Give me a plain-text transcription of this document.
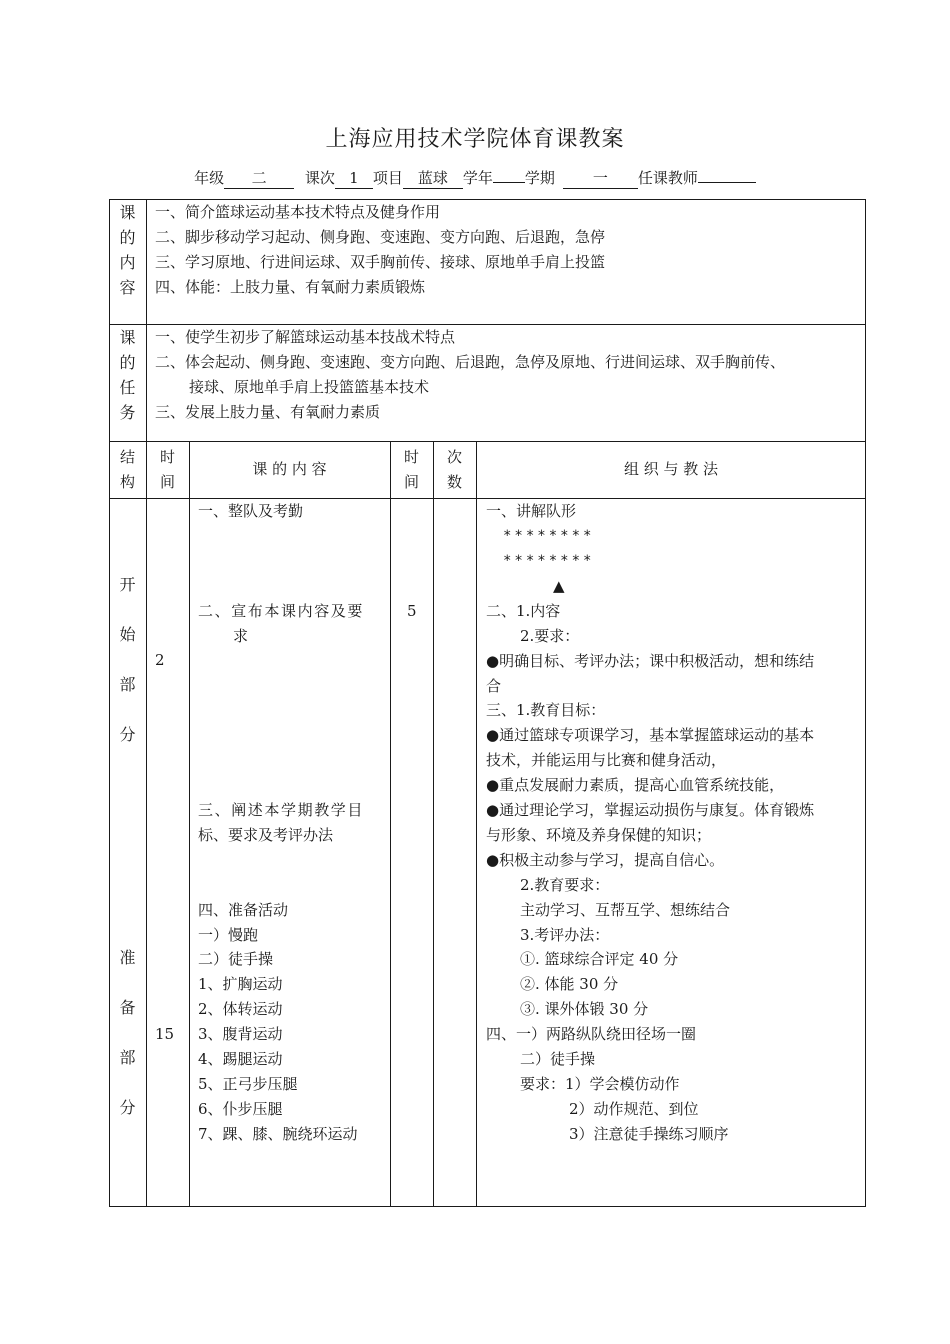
上海应用技术学院体育课教案
年级 二	课次 1 项目 蓝球 学年 学期	一 任课教师
课
的
内
容
一、简介篮球运动基本技术特点及健身作用
二、脚步移动学习起动、侧身跑、变速跑、变方向跑、后退跑，急停
三、学习原地、行进间运球、双手胸前传、接球、原地单手肩上投篮
四、体能：上肢力量、有氧耐力素质锻炼
课
的
任
务
一、使学生初步了解篮球运动基本技战术特点
二、体会起动、侧身跑、变速跑、变方向跑、后退跑，急停及原地、行进间运球、双手胸前传、
接球、原地单手肩上投篮篮基本技术
三、发展上肢力量、有氧耐力素质
结
构
时
间
课 的 内 容
时
间
次
数
组 织 与 教 法
开
始
部
分
准
备
部
分
2
15
一、整队及考勤
二、宣布本课内容及要
求
三、阐述本学期教学目
标、要求及考评办法
四、准备活动
一）慢跑
二）徒手操
1、扩胸运动
2、体转运动
3、腹背运动
4、踢腿运动
5、正弓步压腿
6、仆步压腿
7、踝、膝、腕绕环运动
5
一、讲解队形
********
********
▲
二、1.内容
2.要求：
●明确目标、考评办法；课中积极活动，想和练结
合
三、1.教育目标：
●通过篮球专项课学习，基本掌握篮球运动的基本
技术，并能运用与比赛和健身活动，
●重点发展耐力素质，提高心血管系统技能，
●通过理论学习，掌握运动损伤与康复。体育锻炼
与形象、环境及养身保健的知识；
●积极主动参与学习，提高自信心。
2.教育要求：
主动学习、互帮互学、想练结合
3.考评办法：
①. 篮球综合评定 40 分
②. 体能 30 分
③. 课外体锻 30 分
四、一）两路纵队绕田径场一圈
二）徒手操
要求：1）学会模仿动作
2）动作规范、到位
3）注意徒手操练习顺序
